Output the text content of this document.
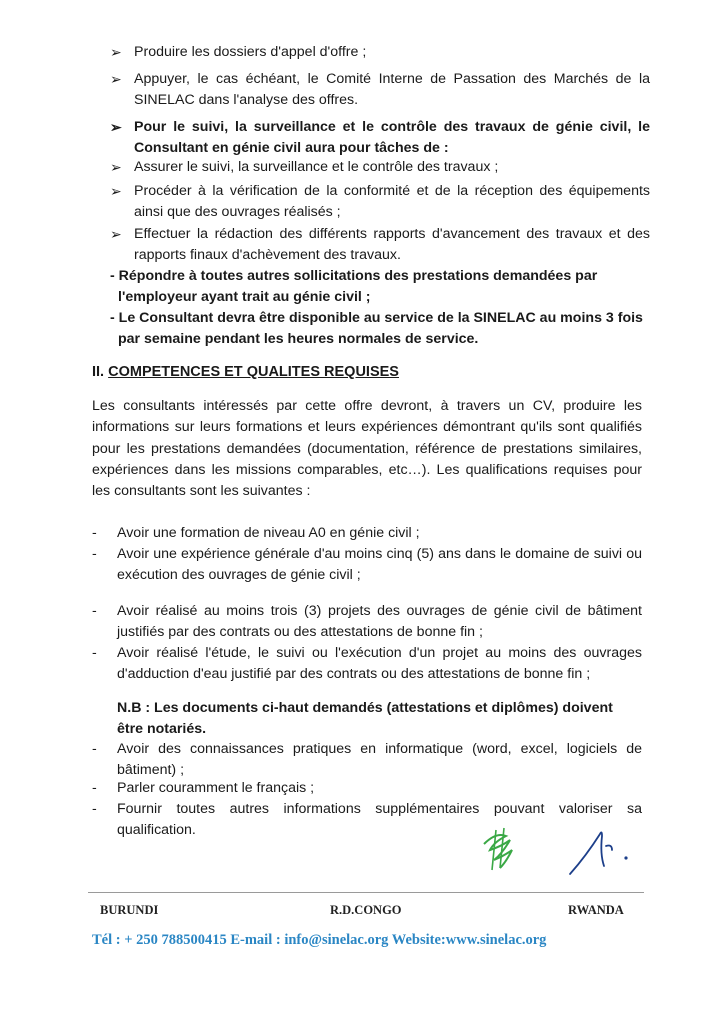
➢ Produire les dossiers d'appel d'offre ;
➢ Appuyer, le cas échéant, le Comité Interne de Passation des Marchés de la SINELAC dans l'analyse des offres.
➢ Pour le suivi, la surveillance et le contrôle des travaux de génie civil, le Consultant en génie civil aura pour tâches de :
➢ Assurer le suivi, la surveillance et le contrôle des travaux ;
➢ Procéder à la vérification de la conformité et de la réception des équipements ainsi que des ouvrages réalisés ;
➢ Effectuer la rédaction des différents rapports d'avancement des travaux et des rapports finaux d'achèvement des travaux.
- Répondre à toutes autres sollicitations des prestations demandées par l'employeur ayant trait au génie civil ;
- Le Consultant devra être disponible au service de la SINELAC au moins 3 fois par semaine pendant les heures normales de service.
II. COMPETENCES ET QUALITES REQUISES
Les consultants intéressés par cette offre devront, à travers un CV, produire les informations sur leurs formations et leurs expériences démontrant qu'ils sont qualifiés pour les prestations demandées (documentation, référence de prestations similaires, expériences dans les missions comparables, etc…). Les qualifications requises pour les consultants sont les suivantes :
-	Avoir une formation de niveau A0 en génie civil ;
-	Avoir une expérience générale d'au moins cinq (5) ans dans le domaine de suivi ou exécution des ouvrages de génie civil ;
-	Avoir réalisé au moins trois (3) projets des ouvrages de génie civil de bâtiment justifiés par des contrats ou des attestations de bonne fin ;
-	Avoir réalisé l'étude, le suivi ou l'exécution d'un projet au moins des ouvrages d'adduction d'eau justifié par des contrats ou des attestations de bonne fin ;
N.B : Les documents ci-haut demandés (attestations et diplômes) doivent être notariés.
-	Avoir des connaissances pratiques en informatique (word, excel, logiciels de bâtiment) ;
-	Parler couramment le français ;
-	Fournir toutes autres informations supplémentaires pouvant valoriser sa qualification.
BURUNDI	R.D.CONGO	RWANDA
Tél : + 250 788500415 E-mail : info@sinelac.org Website:www.sinelac.org
